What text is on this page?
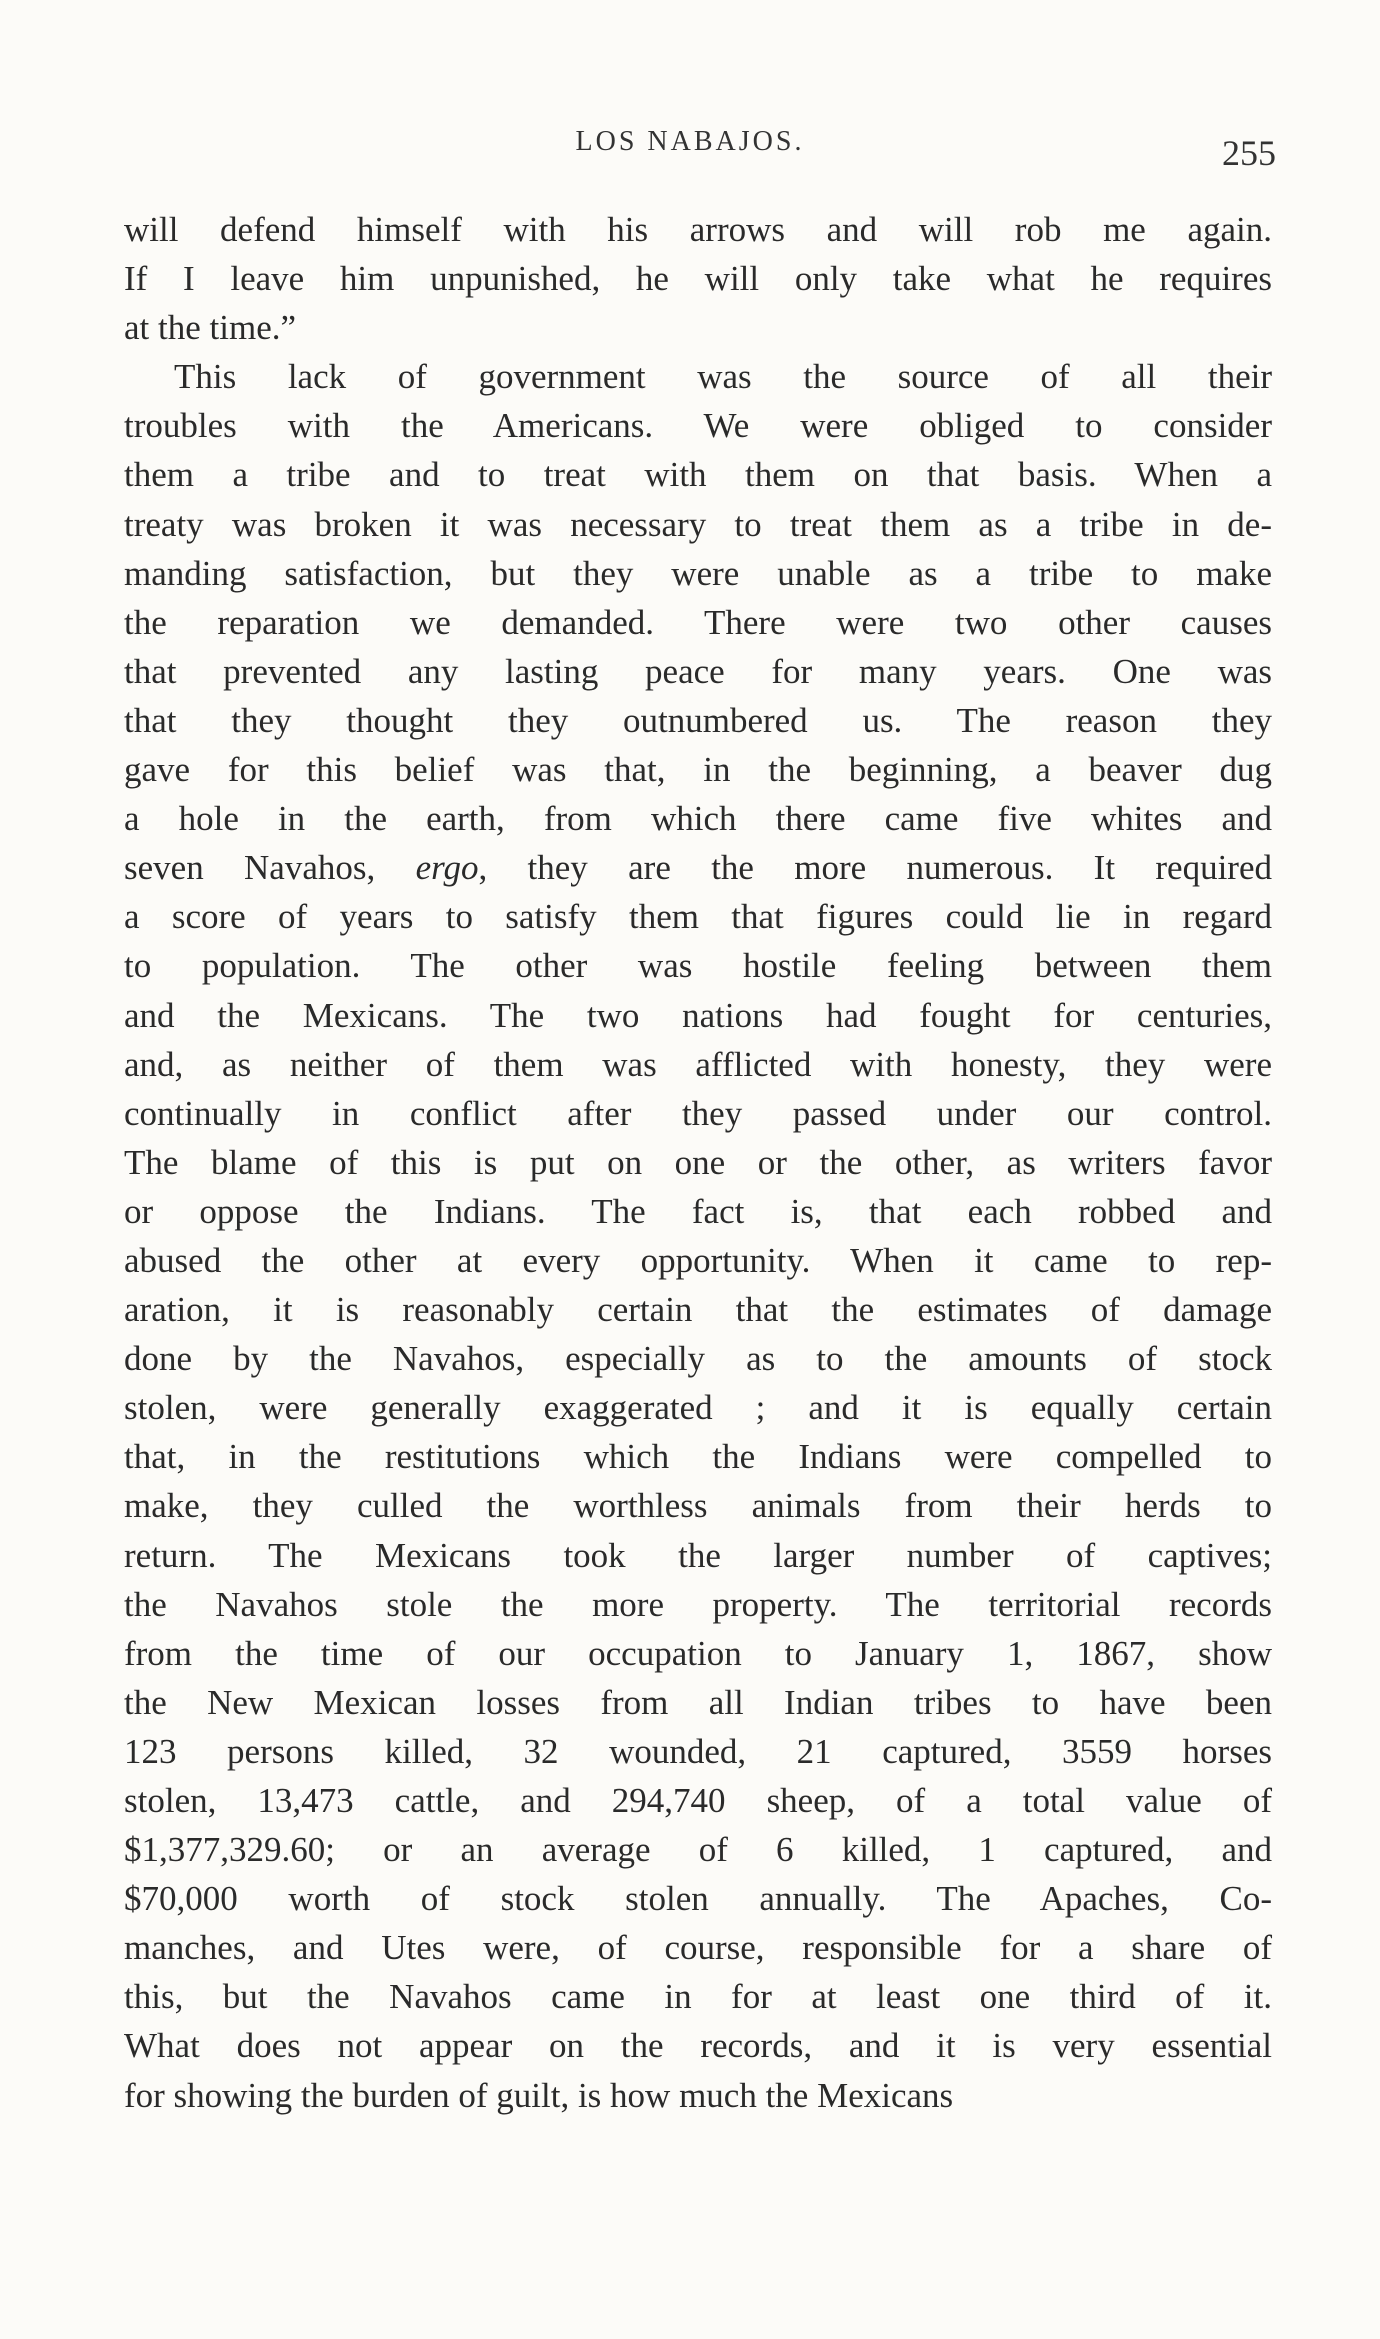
LOS NABAJOS.	255
will defend himself with his arrows and will rob me again.
If I leave him unpunished, he will only take what he requires
at the time.”
This lack of government was the source of all their
troubles with the Americans. We were obliged to consider
them a tribe and to treat with them on that basis. When a
treaty was broken it was necessary to treat them as a tribe in de-
manding satisfaction, but they were unable as a tribe to make
the reparation we demanded. There were two other causes
that prevented any lasting peace for many years. One was
that they thought they outnumbered us. The reason they
gave for this belief was that, in the beginning, a beaver dug
a hole in the earth, from which there came five whites and
seven Navahos, ergo, they are the more numerous. It required
a score of years to satisfy them that figures could lie in regard
to population. The other was hostile feeling between them
and the Mexicans. The two nations had fought for centuries,
and, as neither of them was afflicted with honesty, they were
continually in conflict after they passed under our control.
The blame of this is put on one or the other, as writers favor
or oppose the Indians. The fact is, that each robbed and
abused the other at every opportunity. When it came to rep-
aration, it is reasonably certain that the estimates of damage
done by the Navahos, especially as to the amounts of stock
stolen, were generally exaggerated ; and it is equally certain
that, in the restitutions which the Indians were compelled to
make, they culled the worthless animals from their herds to
return. The Mexicans took the larger number of captives;
the Navahos stole the more property. The territorial records
from the time of our occupation to January 1, 1867, show
the New Mexican losses from all Indian tribes to have been
123 persons killed, 32 wounded, 21 captured, 3559 horses
stolen, 13,473 cattle, and 294,740 sheep, of a total value of
$1,377,329.60; or an average of 6 killed, 1 captured, and
$70,000 worth of stock stolen annually. The Apaches, Co-
manches, and Utes were, of course, responsible for a share of
this, but the Navahos came in for at least one third of it.
What does not appear on the records, and it is very essential
for showing the burden of guilt, is how much the Mexicans
